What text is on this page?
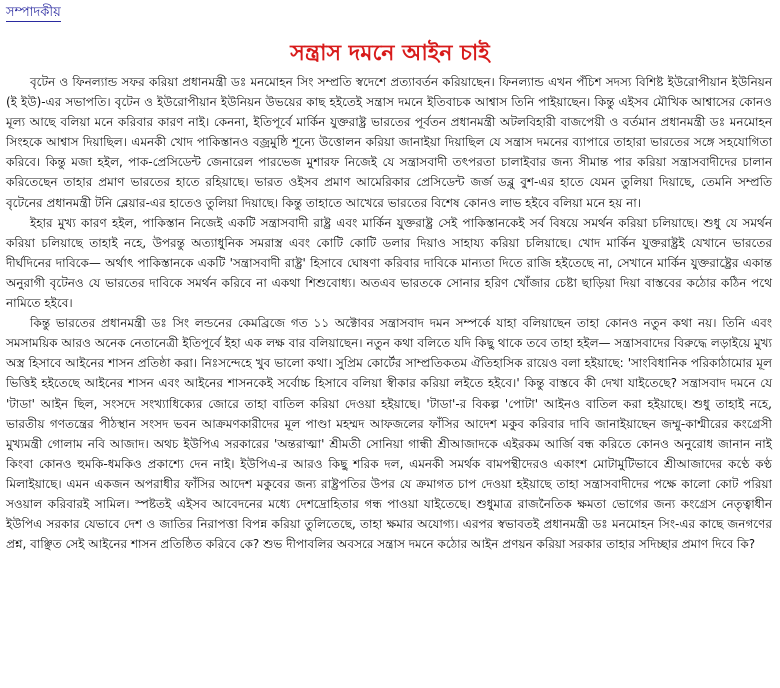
সম্পাদকীয়
সন্ত্রাস দমনে আইন চাই

বৃটেন ও ফিনল্যান্ড সফর করিয়া প্রধানমন্ত্রী ডঃ মনমোহন সিং সম্প্রতি স্বদেশে প্রত্যাবর্তন করিয়াছেন। ফিনল্যান্ড এখন পঁচিশ সদস্য বিশিষ্ট ইউরোপীয়ান ইউনিয়ন (ই ইউ)-এর সভাপতি। বৃটেন ও ইউরোপীয়ান ইউনিয়ন উভয়ের কাছ হইতেই সন্ত্রাস দমনে ইতিবাচক আশ্বাস তিনি পাইয়াছেন। কিন্তু এইসব মৌখিক আশ্বাসের কোনও মূল্য আছে বলিয়া মনে করিবার কারণ নাই। কেননা, ইতিপূর্বে মার্কিন যুক্তরাষ্ট্র ভারতের পূর্বতন প্রধানমন্ত্রী অটলবিহারী বাজপেয়ী ও বর্তমান প্রধানমন্ত্রী ডঃ মনমোহন সিংহকে আশ্বাস দিয়াছিল। এমনকী খোদ পাকিস্তানও বজ্রমুষ্ঠি শূন্যে উত্তোলন করিয়া জানাইয়া দিয়াছিল যে সন্ত্রাস দমনের ব্যাপারে তাহারা ভারতের সঙ্গে সহযোগিতা করিবে। কিন্তু মজা হইল, পাক-প্রেসিডেন্ট জেনারেল পারভেজ মুশারফ নিজেই যে সন্ত্রাসবাদী তৎপরতা চালাইবার জন্য সীমান্ত পার করিয়া সন্ত্রাসবাদীদের চালান করিতেছেন তাহার প্রমাণ ভারতের হাতে রহিয়াছে। ভারত ওইসব প্রমাণ আমেরিকার প্রেসিডেন্ট জর্জ ডব্লু বুশ-এর হাতে যেমন তুলিয়া দিয়াছে, তেমনি সম্প্রতি বৃটেনের প্রধানমন্ত্রী টনি ব্লেয়ার-এর হাতেও তুলিয়া দিয়াছে। কিন্তু তাহাতে আখেরে ভারতের বিশেষ কোনও লাভ হইবে বলিয়া মনে হয় না।

ইহার মুখ্য কারণ হইল, পাকিস্তান নিজেই একটি সন্ত্রাসবাদী রাষ্ট্র এবং মার্কিন যুক্তরাষ্ট্র সেই পাকিস্তানকেই সর্ব বিষয়ে সমর্থন করিয়া চলিয়াছে। শুধু যে সমর্থন করিয়া চলিয়াছে তাহাই নহে, উপরন্তু অত্যাধুনিক সমরাস্ত্র এবং কোটি কোটি ডলার দিয়াও সাহায্য করিয়া চলিয়াছে। খোদ মার্কিন যুক্তরাষ্ট্রই যেখানে ভারতের দীর্ঘদিনের দাবিকে— অর্থাৎ পাকিস্তানকে একটি 'সন্ত্রাসবাদী রাষ্ট্র' হিসাবে ঘোষণা করিবার দাবিকে মান্যতা দিতে রাজি হইতেছে না, সেখানে মার্কিন যুক্তরাষ্ট্রের একান্ত অনুরাগী বৃটেনও যে ভারতের দাবিকে সমর্থন করিবে না একথা শিশুবোধ্য। অতএব ভারতকে সোনার হরিণ খোঁজার চেষ্টা ছাড়িয়া দিয়া বাস্তবের কঠোর কঠিন পথে নামিতে হইবে।

কিন্তু ভারতের প্রধানমন্ত্রী ডঃ সিং লন্ডনের কেমব্রিজে গত ১১ অক্টোবর সন্ত্রাসবাদ দমন সম্পর্কে যাহা বলিয়াছেন তাহা কোনও নতুন কথা নয়। তিনি এবং সমসাময়িক আরও অনেক নেতানেত্রী ইতিপূর্বে ইহা এক লক্ষ বার বলিয়াছেন। নতুন কথা বলিতে যদি কিছু থাকে তবে তাহা হইল— সন্ত্রাসবাদের বিরুদ্ধে লড়াইয়ে মুখ্য অস্ত্র হিসাবে আইনের শাসন প্রতিষ্ঠা করা। নিঃসন্দেহে খুব ভালো কথা। সুপ্রিম কোর্টের সাম্প্রতিকতম ঐতিহাসিক রায়েও বলা হইয়াছে: 'সাংবিধানিক পরিকাঠামোর মূল ভিত্তিই হইতেছে আইনের শাসন এবং আইনের শাসনকেই সর্বোচ্চ হিসাবে বলিয়া স্বীকার করিয়া লইতে হইবে।' কিন্তু বাস্তবে কী দেখা যাইতেছে? সন্ত্রাসবাদ দমনে যে 'টাডা' আইন ছিল, সংসদে সংখ্যাধিক্যের জোরে তাহা বাতিল করিয়া দেওয়া হইয়াছে। 'টাডা'-র বিকল্প 'পোটা' আইনও বাতিল করা হইয়াছে। শুধু তাহাই নহে, ভারতীয় গণতন্ত্রের পীঠস্থান সংসদ ভবন আক্রমণকারীদের মূল পাণ্ডা মহম্মদ আফজলের ফাঁসির আদেশ মকুব করিবার দাবি জানাইয়াছেন জম্মু-কাশ্মীরের কংগ্রেসী মুখ্যমন্ত্রী গোলাম নবি আজাদ। অথচ ইউপিএ সরকারের 'অন্তরাত্মা' শ্রীমতী সোনিয়া গান্ধী শ্রীআজাদকে এইরকম আর্জি বন্ধ করিতে কোনও অনুরোধ জানান নাই কিংবা কোনও হুমকি-ধমকিও প্রকাশ্যে দেন নাই। ইউপিএ-র আরও কিছু শরিক দল, এমনকী সমর্থক বামপন্থীদেরও একাংশ মোটামুটিভাবে শ্রীআজাদের কণ্ঠে কণ্ঠ মিলাইয়াছে। এমন একজন অপরাধীর ফাঁসির আদেশ মকুবের জন্য রাষ্ট্রপতির উপর যে ক্রমাগত চাপ দেওয়া হইয়াছে তাহা সন্ত্রাসবাদীদের পক্ষে কালো কোট পরিয়া সওয়াল করিবারই সামিল। স্পষ্টতই এইসব আবেদনের মধ্যে দেশদ্রোহিতার গন্ধ পাওয়া যাইতেছে। শুধুমাত্র রাজনৈতিক ক্ষমতা ভোগের জন্য কংগ্রেস নেতৃত্বাধীন ইউপিএ সরকার যেভাবে দেশ ও জাতির নিরাপত্তা বিপন্ন করিয়া তুলিতেছে, তাহা ক্ষমার অযোগ্য। এরপর স্বভাবতই প্রধানমন্ত্রী ডঃ মনমোহন সিং-এর কাছে জনগণের প্রশ্ন, বাঞ্ছিত সেই আইনের শাসন প্রতিষ্ঠিত করিবে কে? শুভ দীপাবলির অবসরে সন্ত্রাস দমনে কঠোর আইন প্রণয়ন করিয়া সরকার তাহার সদিচ্ছার প্রমাণ দিবে কি?
